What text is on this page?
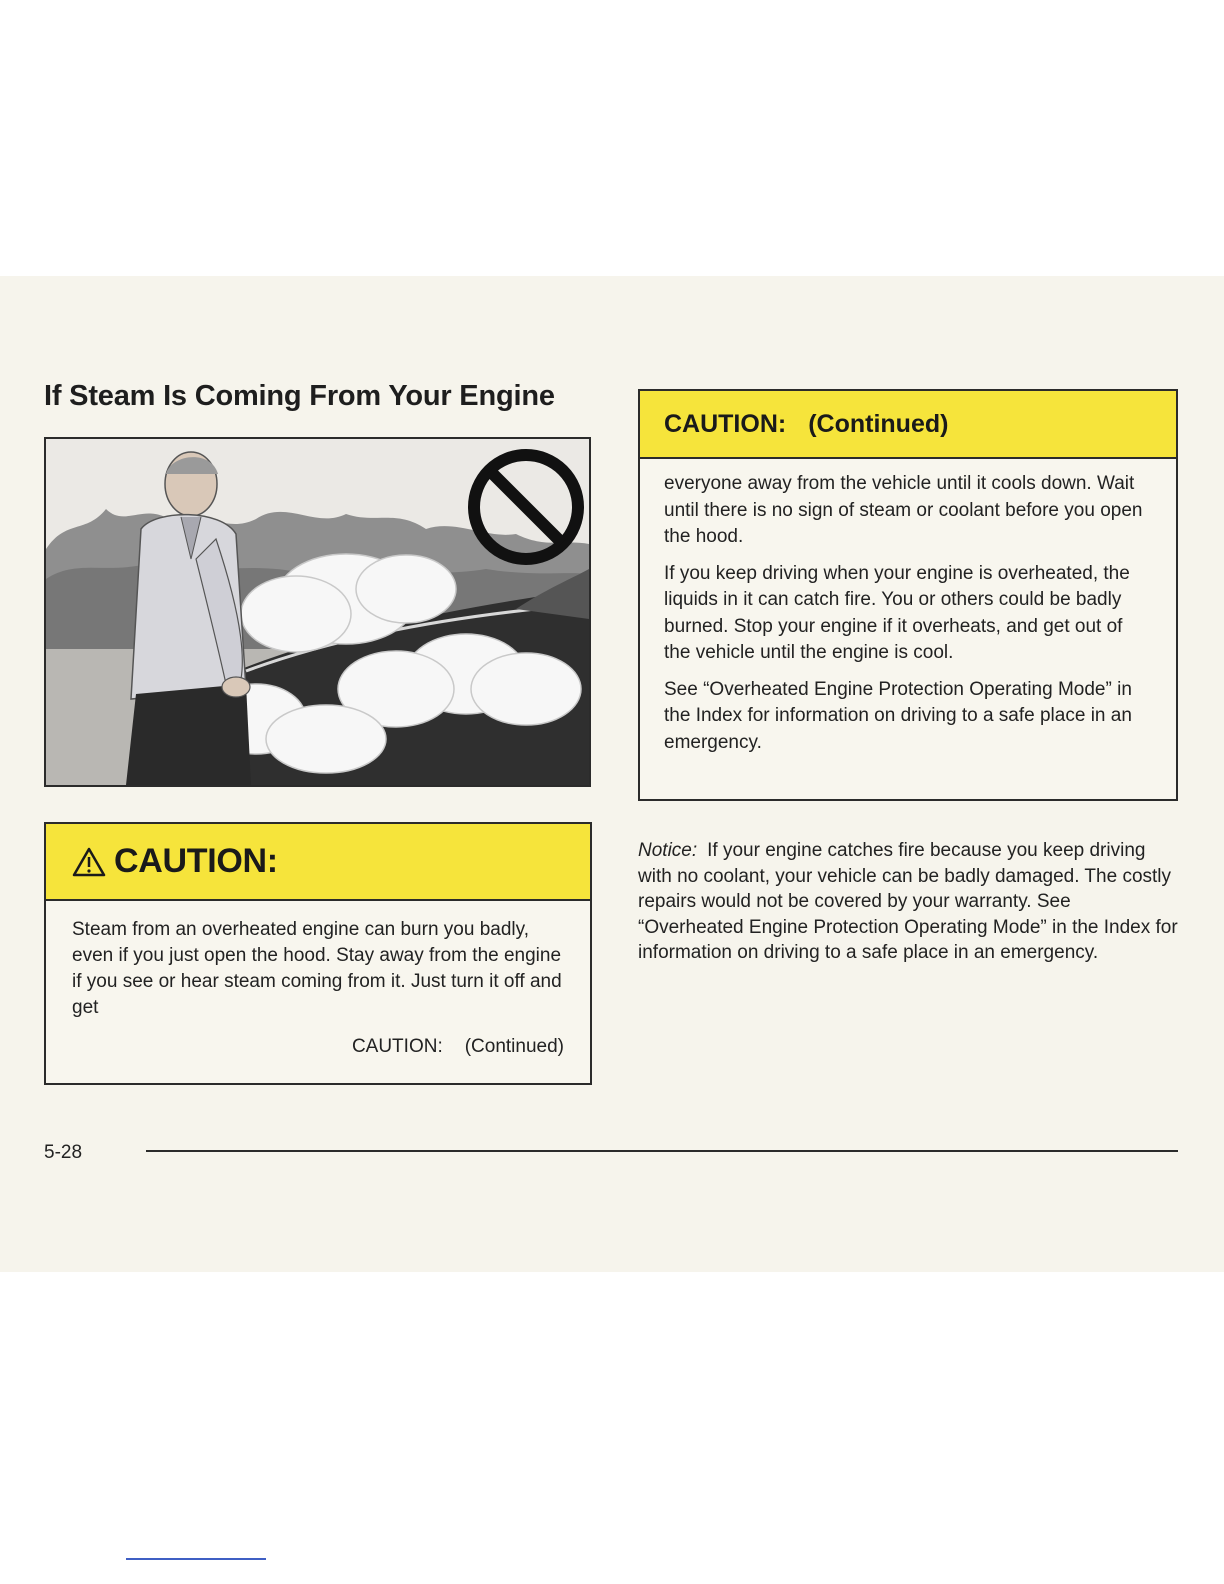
If Steam Is Coming From Your Engine
CAUTION:

Steam from an overheated engine can burn you badly, even if you just open the hood. Stay away from the engine if you see or hear steam coming from it. Just turn it off and get

CAUTION: (Continued)
CAUTION: (Continued)

everyone away from the vehicle until it cools down. Wait until there is no sign of steam or coolant before you open the hood.

If you keep driving when your engine is overheated, the liquids in it can catch fire. You or others could be badly burned. Stop your engine if it overheats, and get out of the vehicle until the engine is cool.

See “Overheated Engine Protection Operating Mode” in the Index for information on driving to a safe place in an emergency.

Notice: If your engine catches fire because you keep driving with no coolant, your vehicle can be badly damaged. The costly repairs would not be covered by your warranty. See “Overheated Engine Protection Operating Mode” in the Index for information on driving to a safe place in an emergency.

5-28
